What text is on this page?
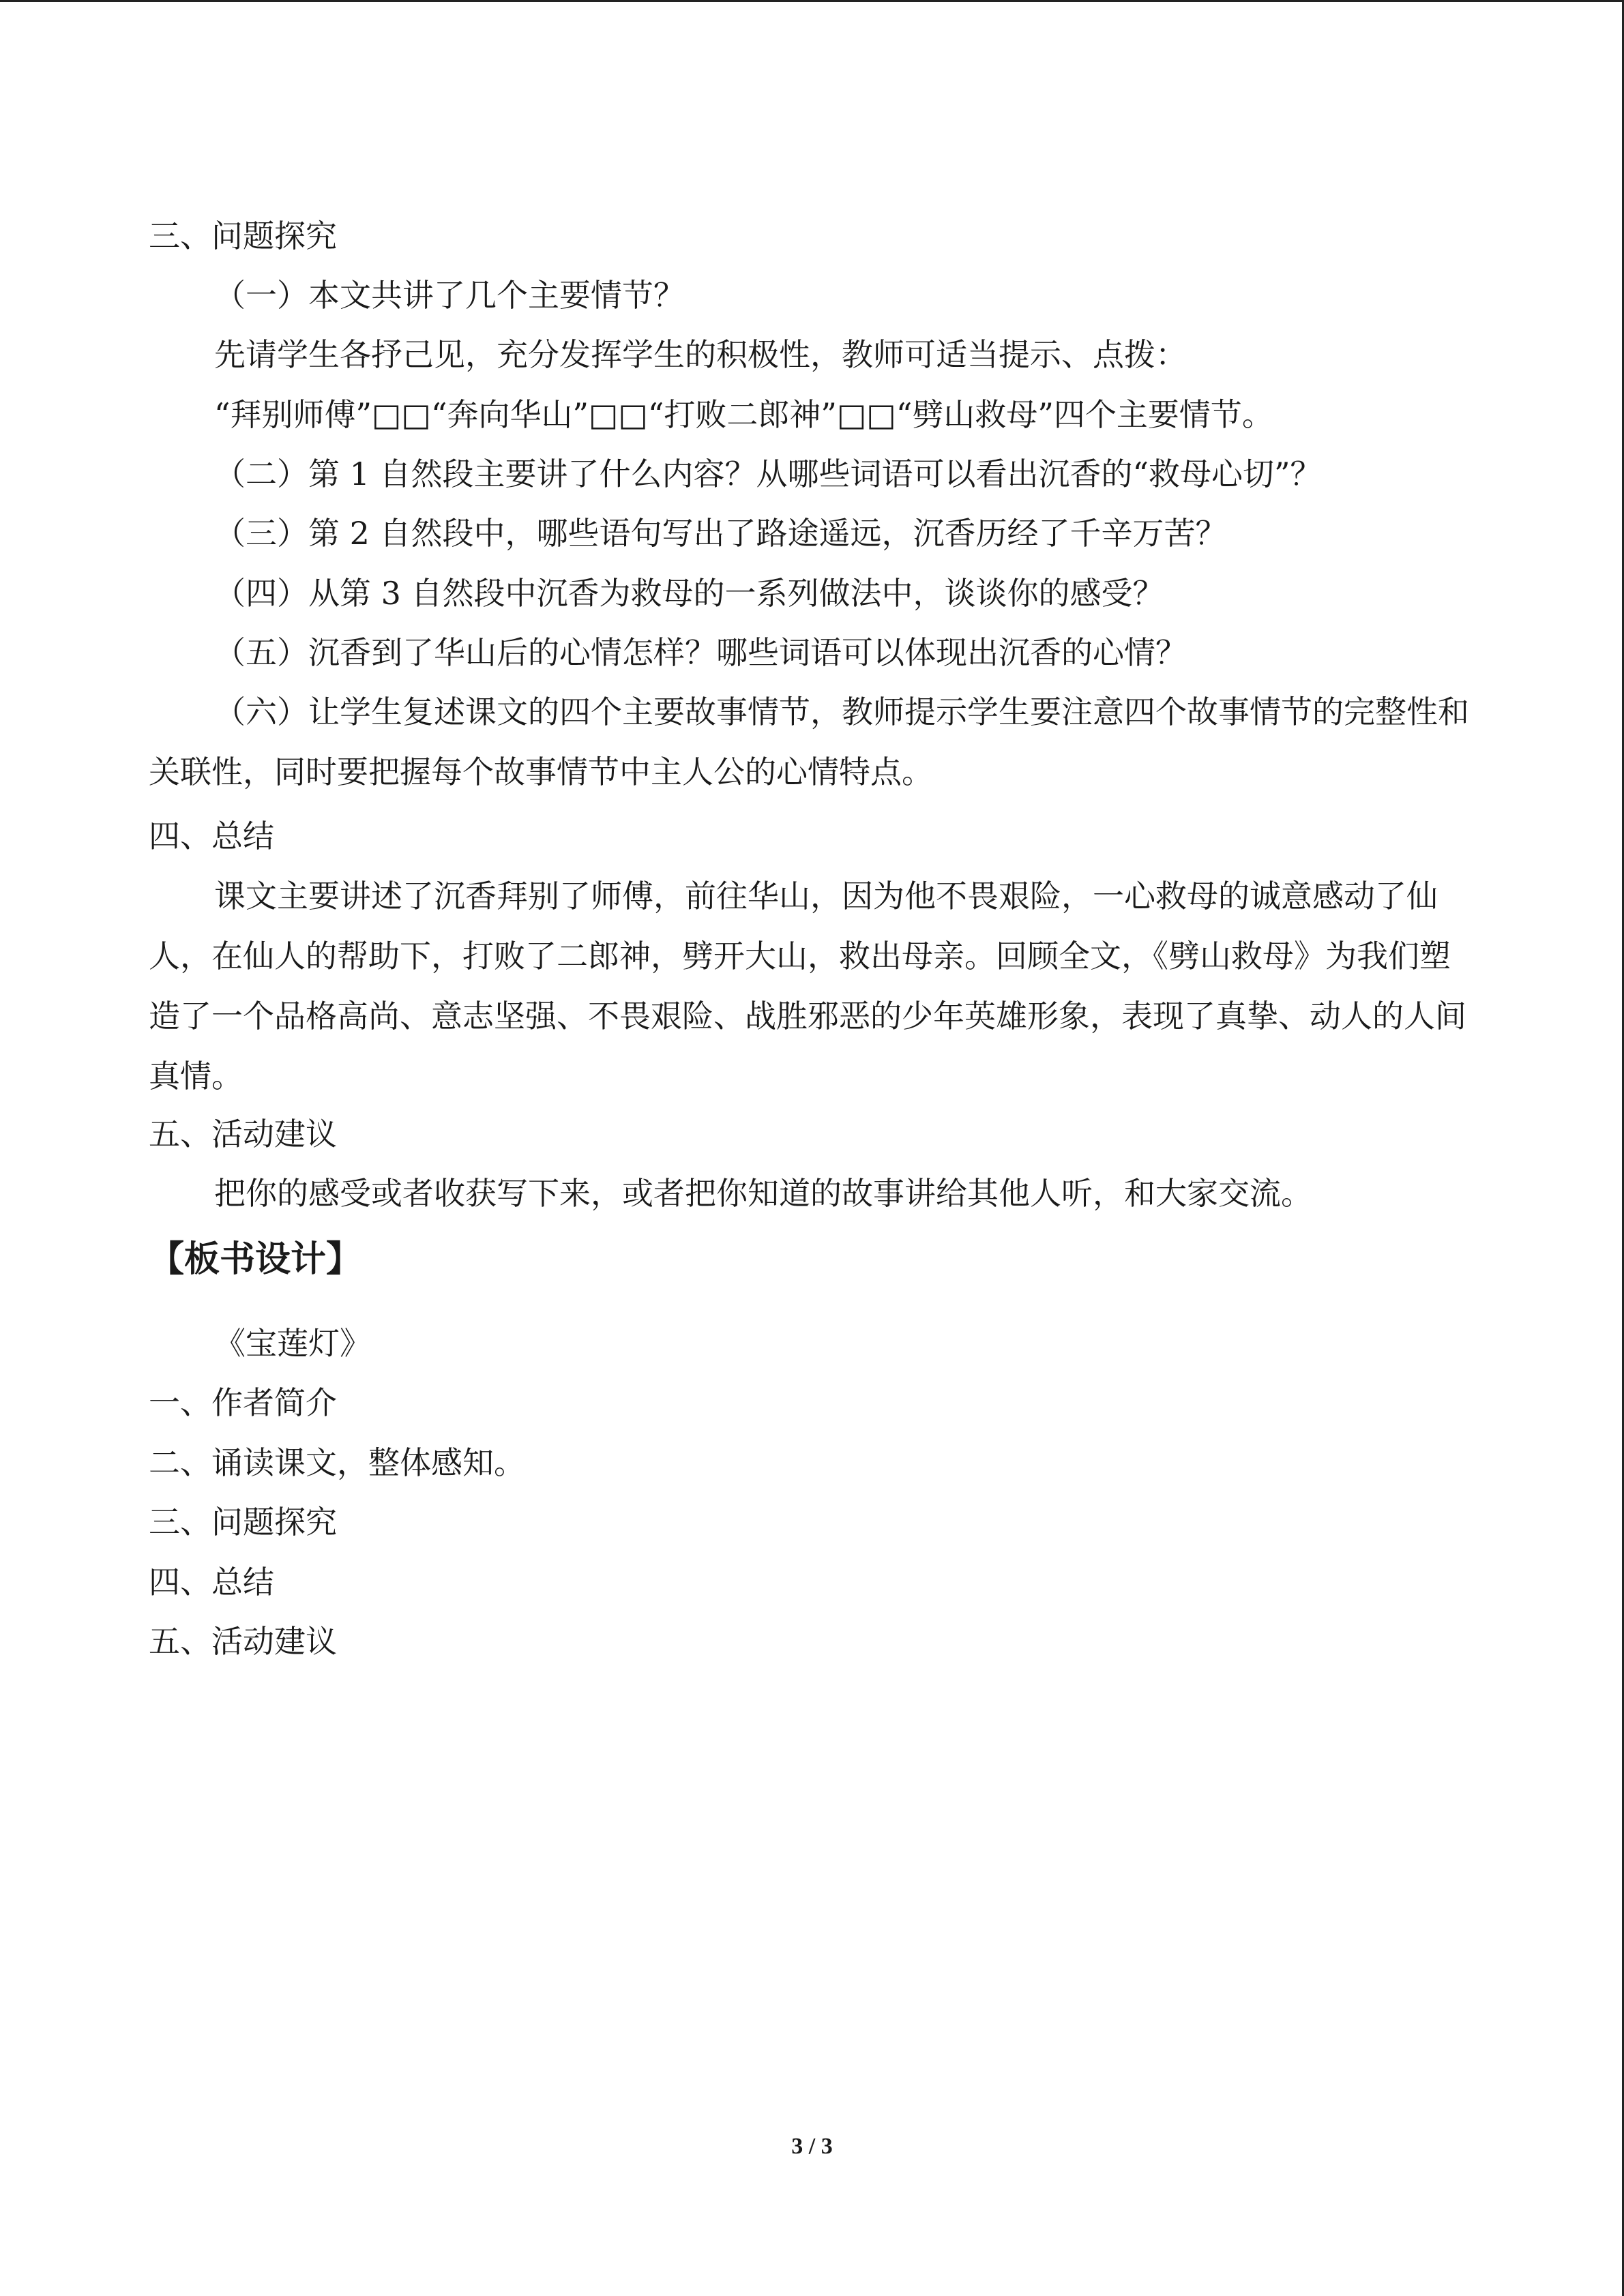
三、问题探究
（一）本文共讲了几个主要情节？
先请学生各抒己见，充分发挥学生的积极性，教师可适当提示、点拨：
“拜别师傅”□□“奔向华山”□□“打败二郎神”□□“劈山救母”四个主要情节。
（二）第 1 自然段主要讲了什么内容？从哪些词语可以看出沉香的“救母心切”？
（三）第 2 自然段中，哪些语句写出了路途遥远，沉香历经了千辛万苦？
（四）从第 3 自然段中沉香为救母的一系列做法中，谈谈你的感受？
（五）沉香到了华山后的心情怎样？哪些词语可以体现出沉香的心情？
（六）让学生复述课文的四个主要故事情节，教师提示学生要注意四个故事情节的完整性和关联性，同时要把握每个故事情节中主人公的心情特点。
四、总结
课文主要讲述了沉香拜别了师傅，前往华山，因为他不畏艰险，一心救母的诚意感动了仙人，在仙人的帮助下，打败了二郎神，劈开大山，救出母亲。回顾全文，《劈山救母》为我们塑造了一个品格高尚、意志坚强、不畏艰险、战胜邪恶的少年英雄形象，表现了真挚、动人的人间真情。
五、活动建议
把你的感受或者收获写下来，或者把你知道的故事讲给其他人听，和大家交流。
【板书设计】
《宝莲灯》
一、作者简介
二、诵读课文，整体感知。
三、问题探究
四、总结
五、活动建议
3 / 3
